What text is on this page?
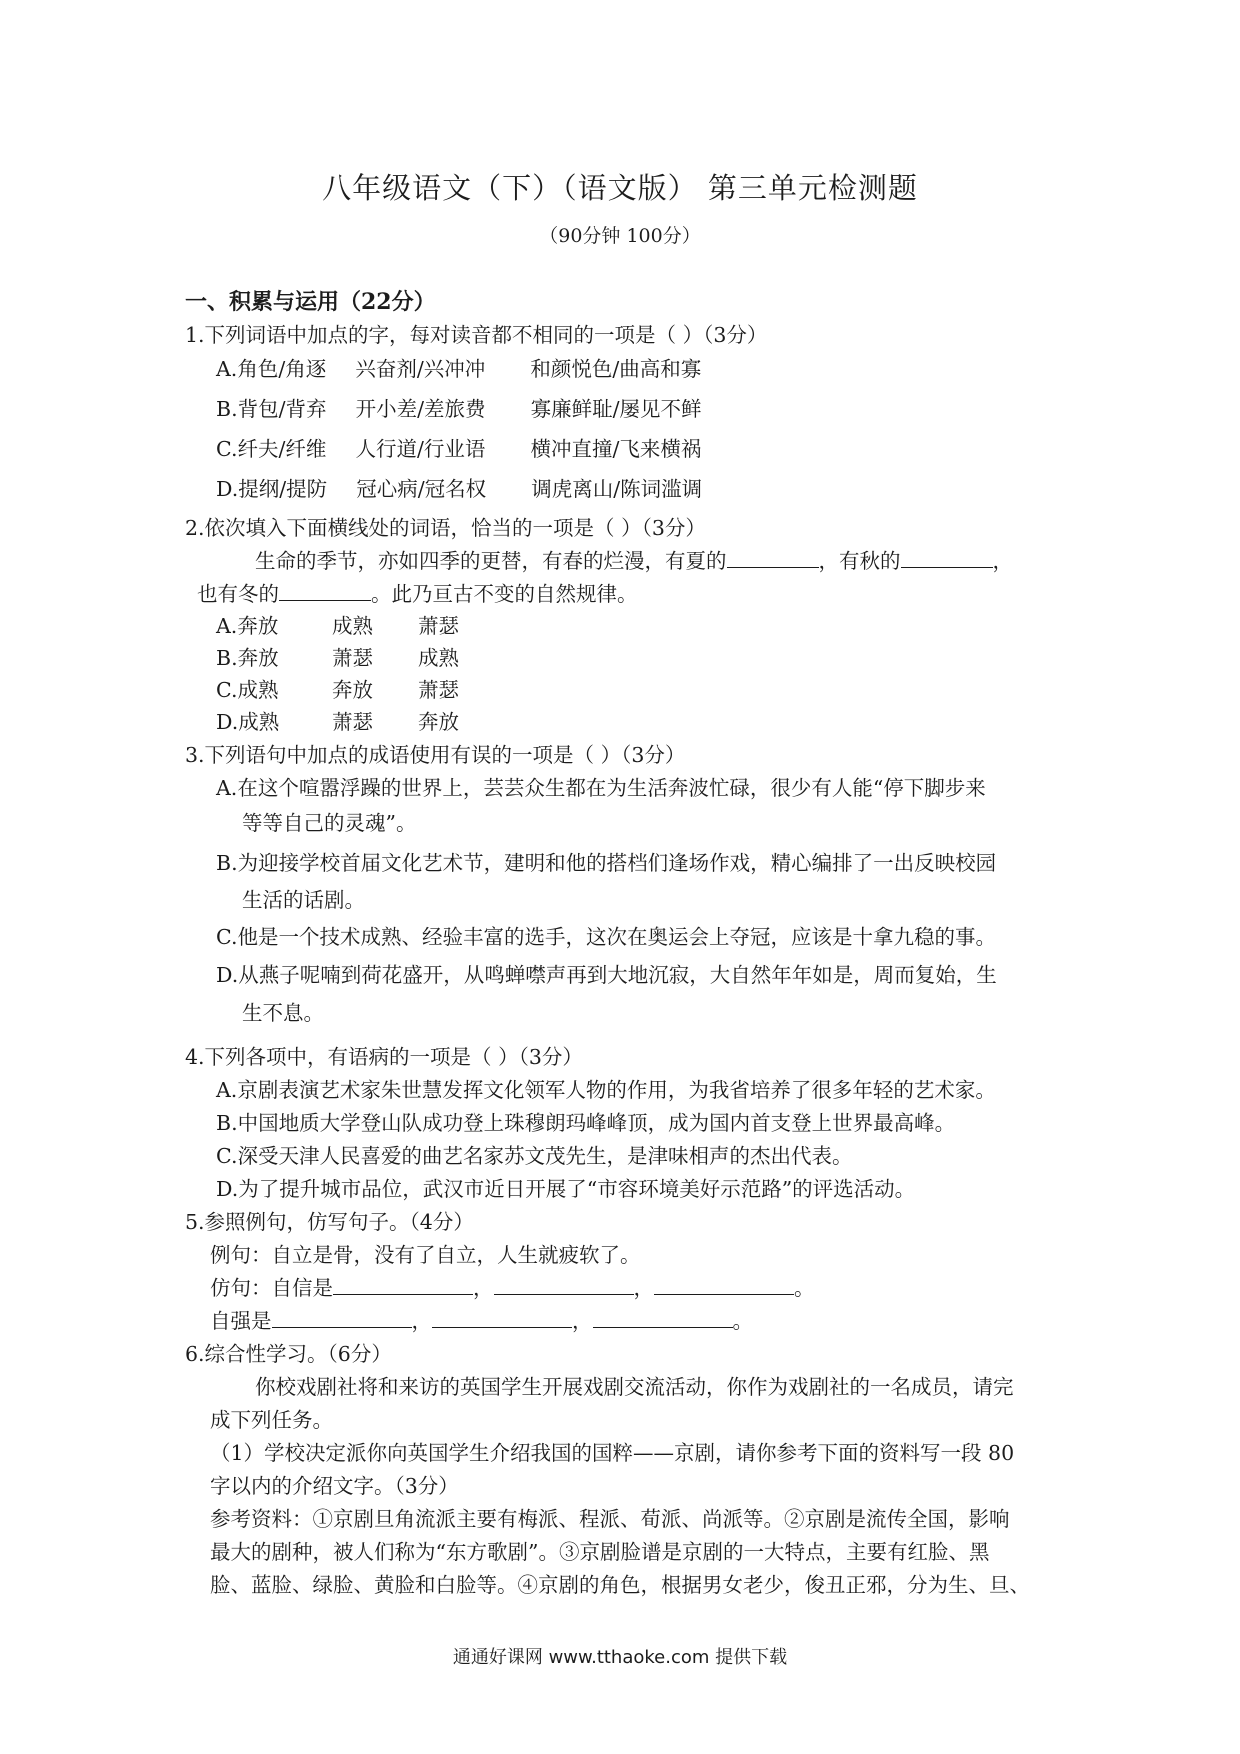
八年级语文（下）（语文版） 第三单元检测题
（90分钟 100分）
一、积累与运用（22分）
1.下列词语中加点的字，每对读音都不相同的一项是（ ）（3分）
A.角色/角逐 兴奋剂/兴冲冲 和颜悦色/曲高和寡
B.背包/背弃 开小差/差旅费 寡廉鲜耻/屡见不鲜
C.纤夫/纤维 人行道/行业语 横冲直撞/飞来横祸
D.提纲/提防 冠心病/冠名权 调虎离山/陈词滥调
2.依次填入下面横线处的词语，恰当的一项是（ ）（3分）
生命的季节，亦如四季的更替，有春的烂漫，有夏的	，有秋的	，
也有冬的	。此乃亘古不变的自然规律。
A.奔放	成熟 萧瑟
B.奔放	萧瑟 成熟
C.成熟	奔放 萧瑟
D.成熟	萧瑟 奔放
3.下列语句中加点的成语使用有误的一项是（ ）（3分）
A.在这个喧嚣浮躁的世界上，芸芸众生都在为生活奔波忙碌，很少有人能“停下脚步来
等等自己的灵魂”。
B.为迎接学校首届文化艺术节，建明和他的搭档们逢场作戏，精心编排了一出反映校园
生活的话剧。
C.他是一个技术成熟、经验丰富的选手，这次在奥运会上夺冠，应该是十拿九稳的事。
D.从燕子呢喃到荷花盛开，从鸣蝉噤声再到大地沉寂，大自然年年如是，周而复始，生
生不息。
4.下列各项中，有语病的一项是（ ）（3分）
A.京剧表演艺术家朱世慧发挥文化领军人物的作用，为我省培养了很多年轻的艺术家。
B.中国地质大学登山队成功登上珠穆朗玛峰峰顶，成为国内首支登上世界最高峰。
C.深受天津人民喜爱的曲艺名家苏文茂先生，是津味相声的杰出代表。
D.为了提升城市品位，武汉市近日开展了“市容环境美好示范路”的评选活动。
5.参照例句，仿写句子。（4分）
例句：自立是骨，没有了自立，人生就疲软了。
仿句：自信是	，	，	。
自强是	，	，	。
6.综合性学习。（6分）
你校戏剧社将和来访的英国学生开展戏剧交流活动，你作为戏剧社的一名成员，请完
成下列任务。
（1）学校决定派你向英国学生介绍我国的国粹——京剧，请你参考下面的资料写一段 80
字以内的介绍文字。（3分）
参考资料：①京剧旦角流派主要有梅派、程派、荀派、尚派等。②京剧是流传全国，影响
最大的剧种，被人们称为“东方歌剧”。③京剧脸谱是京剧的一大特点，主要有红脸、黑
脸、蓝脸、绿脸、黄脸和白脸等。④京剧的角色，根据男女老少，俊丑正邪，分为生、旦、
通通好课网 www.tthaoke.com 提供下载
